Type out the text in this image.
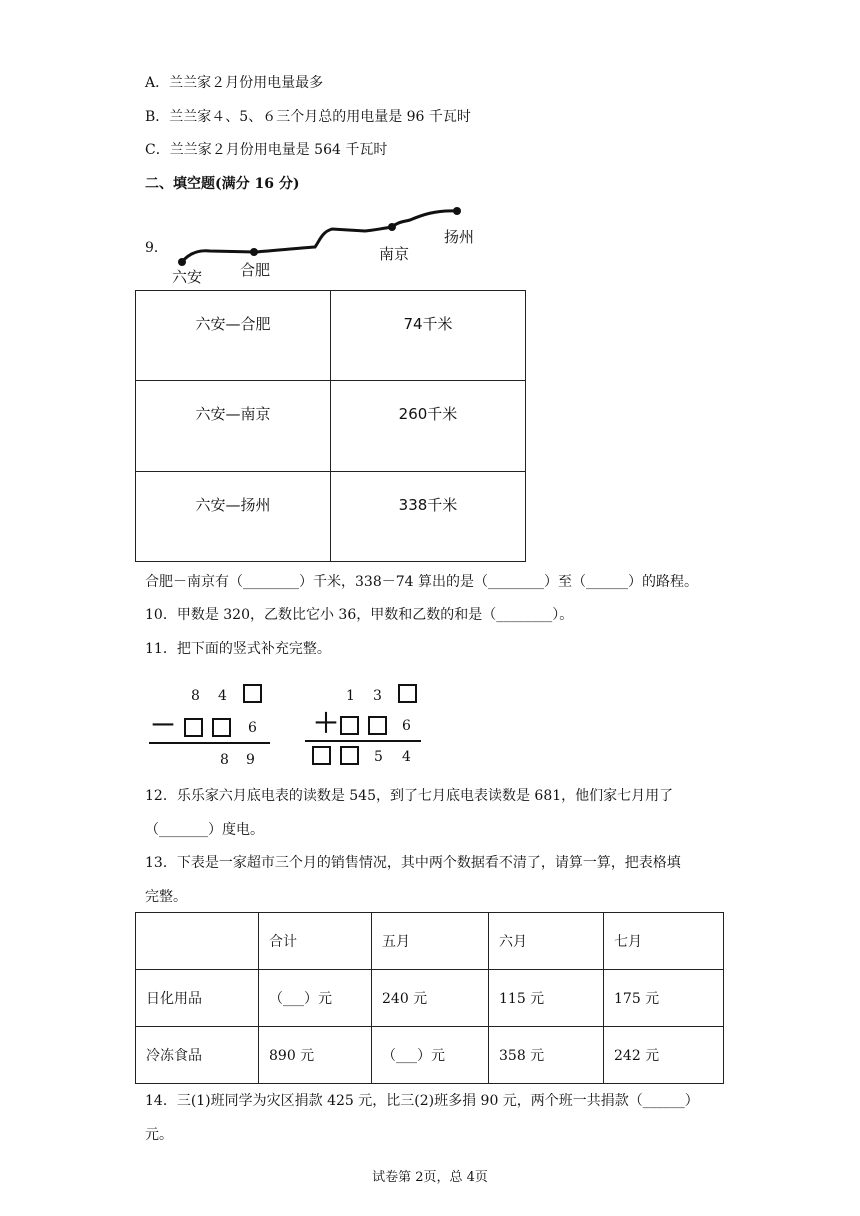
A．兰兰家２月份用电量最多
B．兰兰家４、5、６三个月总的用电量是 96 千瓦时
C．兰兰家２月份用电量是 564 千瓦时
二、填空题(满分 16 分)
9．
六安	合肥
南京
扬州
六安—合肥	74千米
六安—南京	260千米
六安—扬州	338千米
合肥－南京有（________）千米，338－74 算出的是（________）至（______）的路程。
10．甲数是 320，乙数比它小 36，甲数和乙数的和是（________）。
11．把下面的竖式补充完整。
8 4
－	6
8 9
1 3
＋	6
5 4
12．乐乐家六月底电表的读数是 545，到了七月底电表读数是 681，他们家七月用了
（_______）度电。
13．下表是一家超市三个月的销售情况，其中两个数据看不清了，请算一算，把表格填
完整。
	合计	五月	六月	七月
日化用品	（___）元	240 元	115 元	175 元
冷冻食品	890 元	（___）元	358 元	242 元
14．三(1)班同学为灾区捐款 425 元，比三(2)班多捐 90 元，两个班一共捐款（______）
元。
试卷第 2页，总 4页
